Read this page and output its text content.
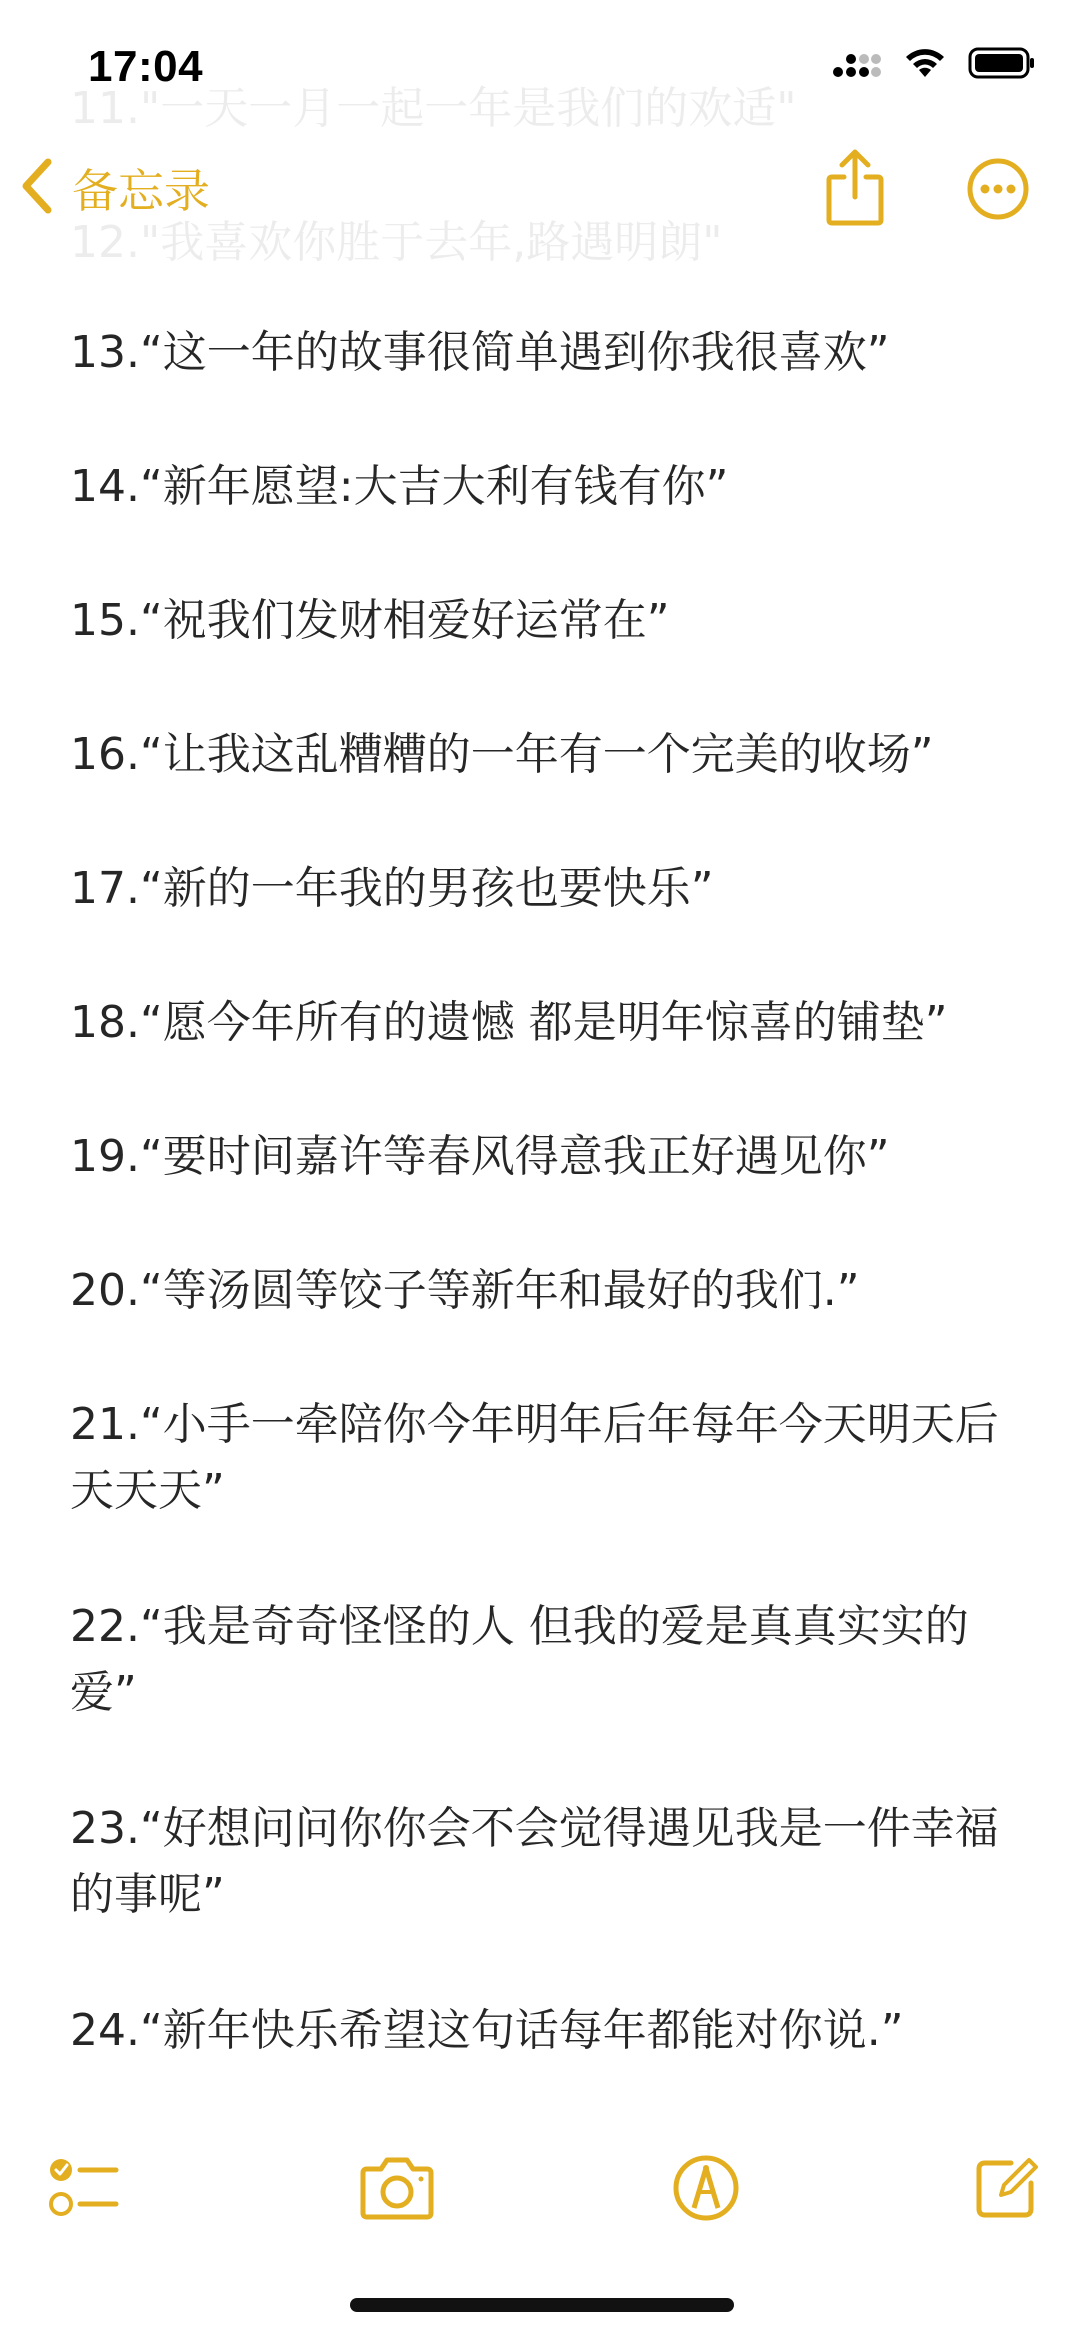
11."一天一月一起一年是我们的欢适"
12."我喜欢你胜于去年,路遇明朗"
17:04
备忘录

13.“这一年的故事很简单遇到你我很喜欢”

14.“新年愿望:大吉大利有钱有你”

15.“祝我们发财相爱好运常在”

16.“让我这乱糟糟的一年有一个完美的收场”

17.“新的一年我的男孩也要快乐”

18.“愿今年所有的遗憾 都是明年惊喜的铺垫”

19.“要时间嘉许等春风得意我正好遇见你”

20.“等汤圆等饺子等新年和最好的我们.”

21.“小手一牵陪你今年明年后年每年今天明天后天天天”

22.“我是奇奇怪怪的人 但我的爱是真真实实的爱”

23.“好想问问你你会不会觉得遇见我是一件幸福的事呢”

24.“新年快乐希望这句话每年都能对你说.”
